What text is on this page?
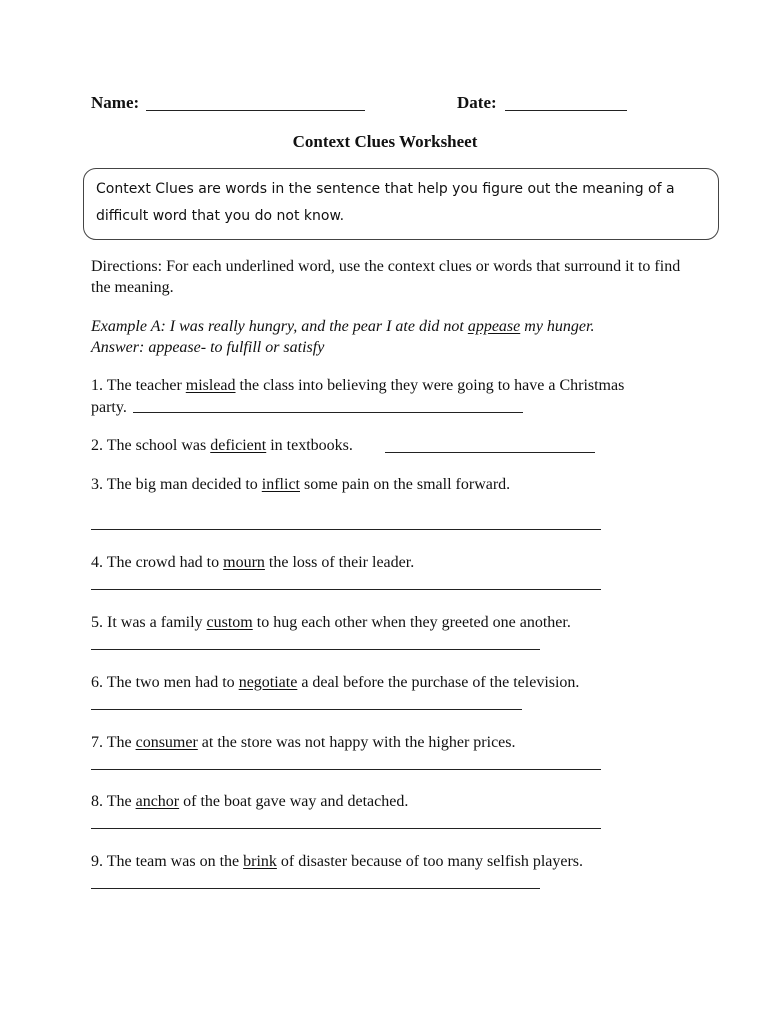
Name:	Date:
Context Clues Worksheet
Context Clues are words in the sentence that help you figure out the meaning of a difficult word that you do not know.
Directions: For each underlined word, use the context clues or words that surround it to find the meaning.
Example A: I was really hungry, and the pear I ate did not appease my hunger.
Answer: appease- to fulfill or satisfy
1. The teacher mislead the class into believing they were going to have a Christmas
party.
2. The school was deficient in textbooks.
3. The big man decided to inflict some pain on the small forward.
4. The crowd had to mourn the loss of their leader.
5. It was a family custom to hug each other when they greeted one another.
6. The two men had to negotiate a deal before the purchase of the television.
7. The consumer at the store was not happy with the higher prices.
8. The anchor of the boat gave way and detached.
9. The team was on the brink of disaster because of too many selfish players.
